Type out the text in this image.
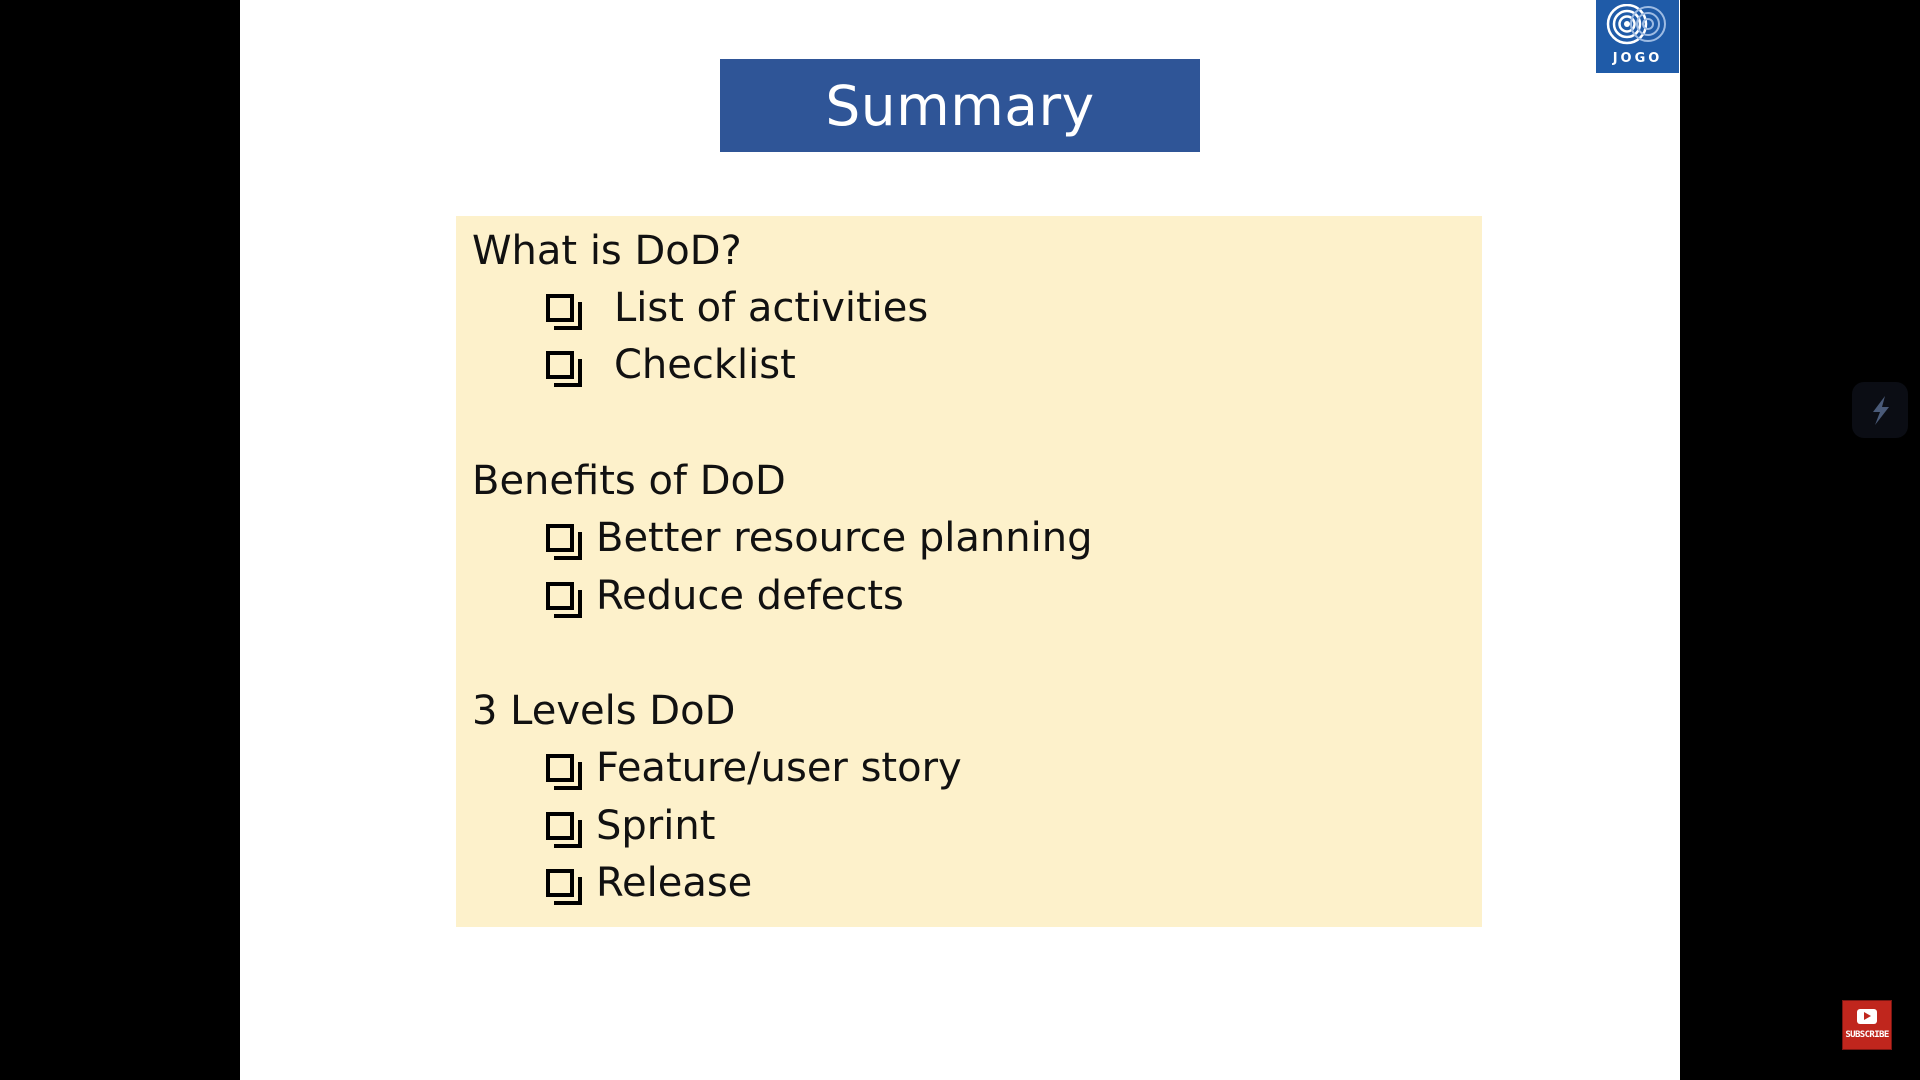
Summary
What is DoD?
List of activities
Checklist
Benefits of DoD
Better resource planning
Reduce defects
3 Levels DoD
Feature/user story
Sprint
Release
JOGO
SUBSCRIBE
